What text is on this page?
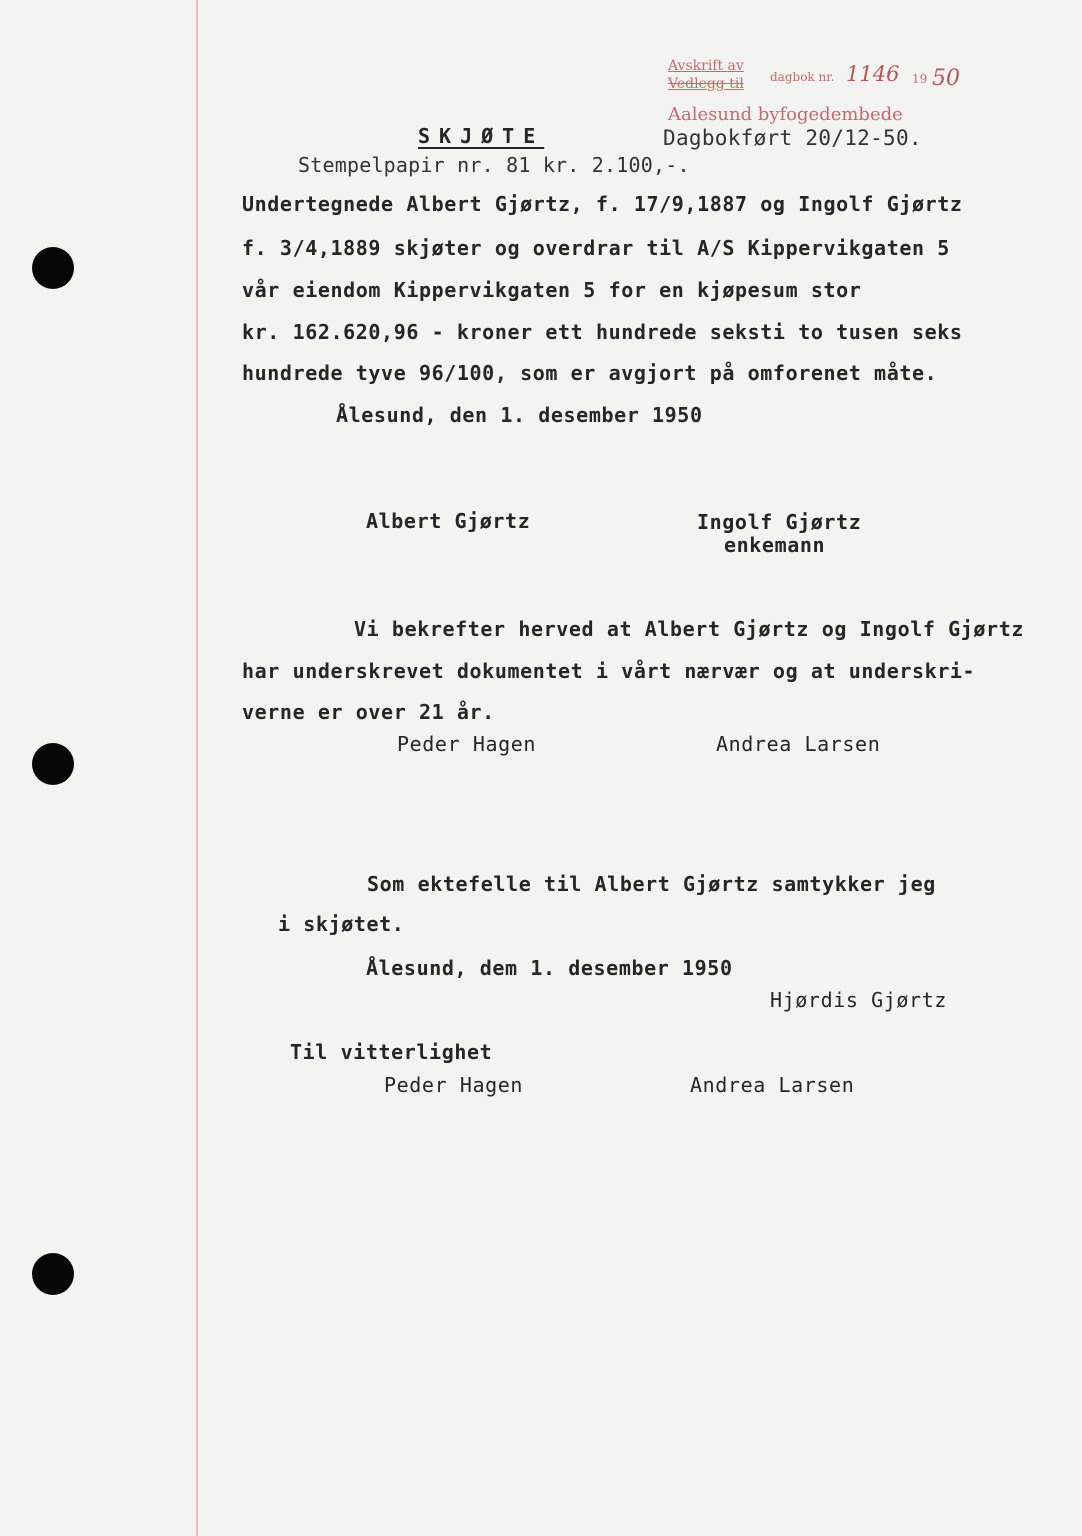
Avskrift av
Vedlegg til dagbok nr. 1146 19 50
Aalesund byfogedembede
SKJØTE	Dagbokført 20/12-50.
Stempelpapir nr. 81 kr. 2.100,-.
Undertegnede Albert Gjørtz, f. 17/9,1887 og Ingolf Gjørtz
f. 3/4,1889 skjøter og overdrar til A/S Kippervikgaten 5
vår eiendom Kippervikgaten 5 for en kjøpesum stor
kr. 162.620,96 - kroner ett hundrede seksti to tusen seks
hundrede tyve 96/100, som er avgjort på omforenet måte.
Ålesund, den 1. desember 1950
Albert Gjørtz	Ingolf Gjørtz
enkemann
Vi bekrefter herved at Albert Gjørtz og Ingolf Gjørtz
har underskrevet dokumentet i vårt nærvær og at underskri-
verne er over 21 år.
Peder Hagen	Andrea Larsen
Som ektefelle til Albert Gjørtz samtykker jeg
i skjøtet.
Ålesund, dem 1. desember 1950
Hjørdis Gjørtz
Til vitterlighet
Peder Hagen	Andrea Larsen
